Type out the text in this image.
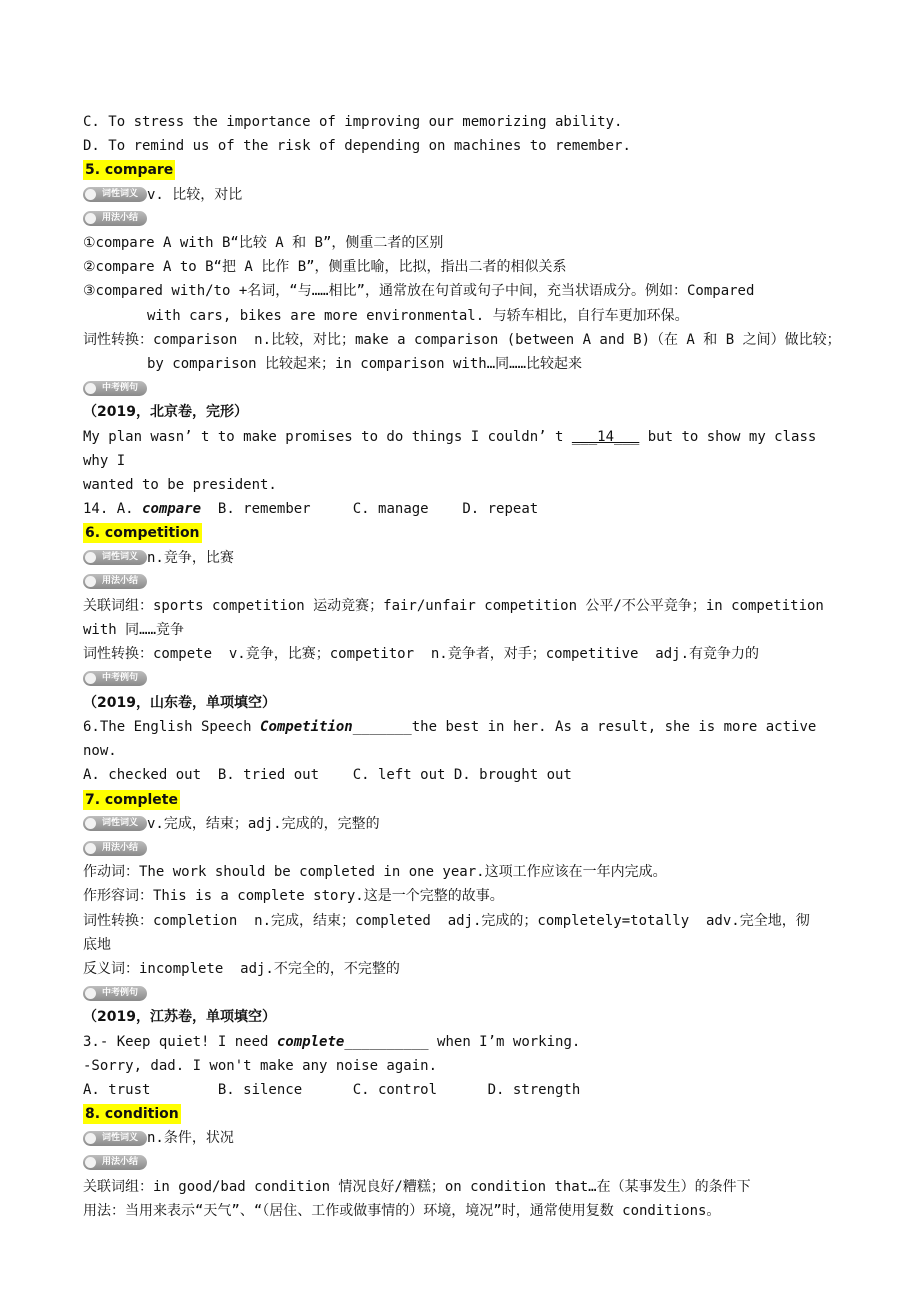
C. To stress the importance of improving our memorizing ability.

D. To remind us of the risk of depending on machines to remember.

5. compare

词性词义 v. 比较，对比
用法小结

①compare A with B“比较 A 和 B”，侧重二者的区别

②compare A to B“把 A 比作 B”，侧重比喻，比拟，指出二者的相似关系

③compared with/to +名词，“与……相比”，通常放在句首或句子中间，充当状语成分。例如：Compared

with cars, bikes are more environmental. 与轿车相比，自行车更加环保。

词性转换：comparison  n.比较，对比；make a comparison (between A and B)（在 A 和 B 之间）做比较；

by comparison 比较起来；in comparison with…同……比较起来

中考例句

（2019，北京卷，完形）

My plan wasn’ t to make promises to do things I couldn’ t ___14___ but to show my class why I

wanted to be president.

14. A. compare  B. remember     C. manage    D. repeat

6. competition

词性词义 n.竞争，比赛
用法小结

关联词组：sports competition 运动竞赛；fair/unfair competition 公平/不公平竞争；in competition

with 同……竞争

词性转换：compete  v.竞争，比赛；competitor  n.竞争者，对手；competitive  adj.有竞争力的

中考例句

（2019，山东卷，单项填空）

6.The English Speech Competition_______the best in her. As a result, she is more active now.

A. checked out  B. tried out    C. left out D. brought out

7. complete

词性词义 v.完成，结束；adj.完成的，完整的
用法小结

作动词：The work should be completed in one year.这项工作应该在一年内完成。

作形容词：This is a complete story.这是一个完整的故事。

词性转换：completion  n.完成，结束；completed  adj.完成的；completely=totally  adv.完全地，彻

底地

反义词：incomplete  adj.不完全的，不完整的

中考例句

（2019，江苏卷，单项填空）

3.- Keep quiet! I need complete__________ when I’m working.

-Sorry, dad. I won't make any noise again.

A. trust        B. silence      C. control      D. strength

8. condition

词性词义 n.条件，状况
用法小结

关联词组：in good/bad condition 情况良好/糟糕；on condition that…在（某事发生）的条件下

用法：当用来表示“天气”、“（居住、工作或做事情的）环境，境况”时，通常使用复数 conditions。
